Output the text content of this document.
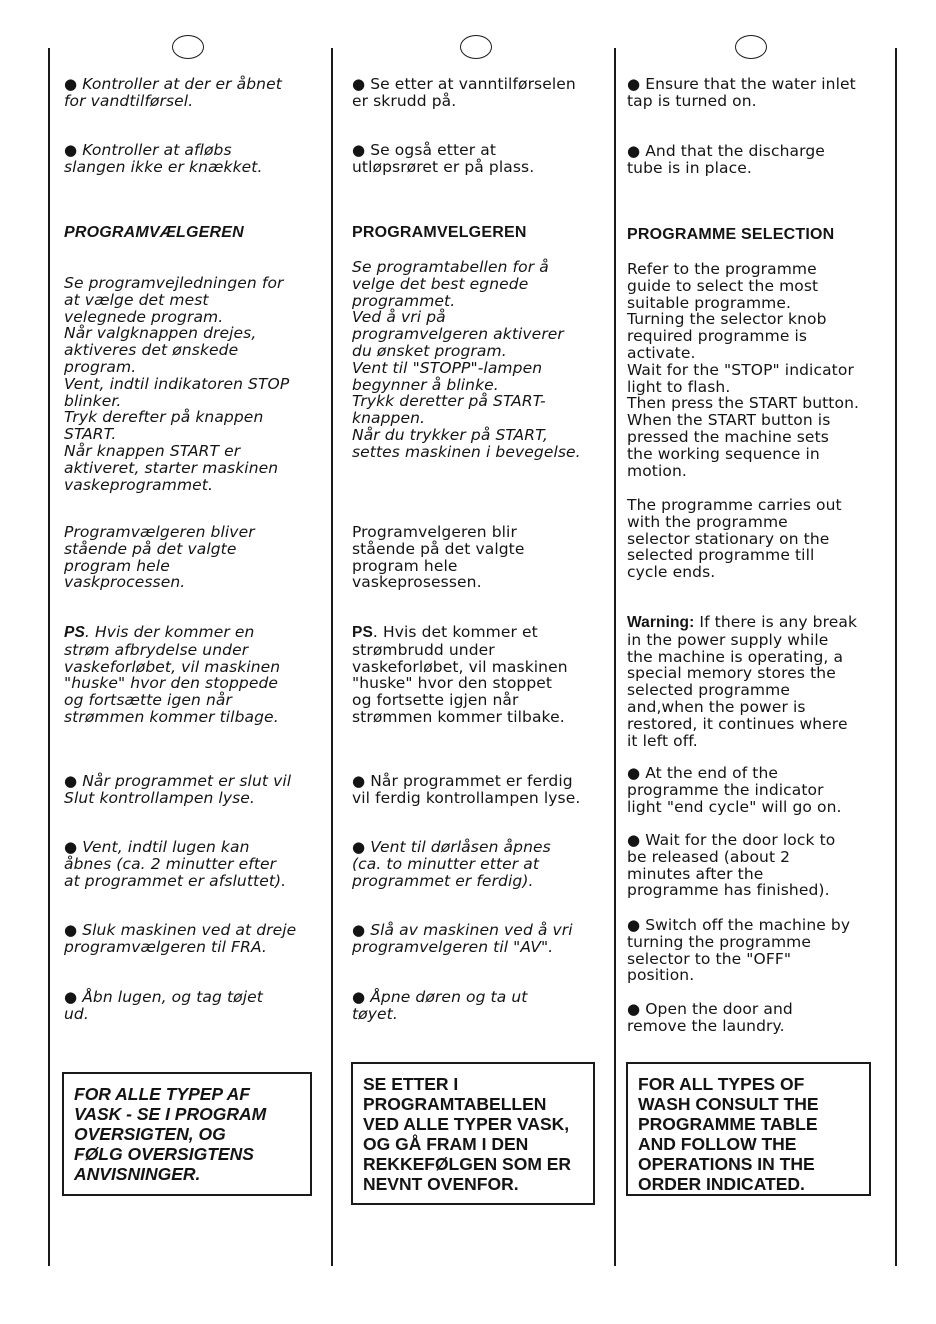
● Kontroller at der er åbnet
for vandtilførsel.

● Kontroller at afløbs
slangen ikke er knækket.

PROGRAMVÆLGEREN

Se programvejledningen for
at vælge det mest
velegnede program.
Når valgknappen drejes,
aktiveres det ønskede
program.
Vent, indtil indikatoren STOP
blinker.
Tryk derefter på knappen
START.
Når knappen START er
aktiveret, starter maskinen
vaskeprogrammet.

Programvælgeren bliver
stående på det valgte
program hele
vaskprocessen.

PS. Hvis der kommer en
strøm afbrydelse under
vaskeforløbet, vil maskinen
"huske" hvor den stoppede
og fortsætte igen når
strømmen kommer tilbage.

● Når programmet er slut vil
Slut kontrollampen lyse.

● Vent, indtil lugen kan
åbnes (ca. 2 minutter efter
at programmet er afsluttet).

● Sluk maskinen ved at dreje
programvælgeren til FRA.

● Åbn lugen, og tag tøjet
ud.

FOR ALLE TYPEP AF
VASK - SE I PROGRAM
OVERSIGTEN, OG
FØLG OVERSIGTENS
ANVISNINGER.

● Se etter at vanntilførselen
er skrudd på.

● Se også etter at
utløpsrøret er på plass.

PROGRAMVELGEREN

Se programtabellen for å
velge det best egnede
programmet.
Ved å vri på
programvelgeren aktiverer
du ønsket program.
Vent til "STOPP"-lampen
begynner å blinke.
Trykk deretter på START-
knappen.
Når du trykker på START,
settes maskinen i bevegelse.

Programvelgeren blir
stående på det valgte
program hele
vaskeprosessen.

PS. Hvis det kommer et
strømbrudd under
vaskeforløbet, vil maskinen
"huske" hvor den stoppet
og fortsette igjen når
strømmen kommer tilbake.

● Når programmet er ferdig
vil ferdig kontrollampen lyse.

● Vent til dørlåsen åpnes
(ca. to minutter etter at
programmet er ferdig).

● Slå av maskinen ved å vri
programvelgeren til "AV".

● Åpne døren og ta ut
tøyet.

SE ETTER I
PROGRAMTABELLEN
VED ALLE TYPER VASK,
OG GÅ FRAM I DEN
REKKEFØLGEN SOM ER
NEVNT OVENFOR.

● Ensure that the water inlet
tap is turned on.

● And that the discharge
tube is in place.

PROGRAMME SELECTION

Refer to the programme
guide to select the most
suitable programme.
Turning the selector knob
required programme is
activate.
Wait for the "STOP" indicator
light to flash.
Then press the START button.
When the START button is
pressed the machine sets
the working sequence in
motion.

The programme carries out
with the programme
selector stationary on the
selected programme till
cycle ends.

Warning: If there is any break
in the power supply while
the machine is operating, a
special memory stores the
selected programme
and,when the power is
restored, it continues where
it left off.

● At the end of the
programme the indicator
light "end cycle" will go on.

● Wait for the door lock to
be released (about 2
minutes after the
programme has finished).

● Switch off the machine by
turning the programme
selector to the "OFF"
position.

● Open the door and
remove the laundry.

FOR ALL TYPES OF
WASH CONSULT THE
PROGRAMME TABLE
AND FOLLOW THE
OPERATIONS IN THE
ORDER INDICATED.
